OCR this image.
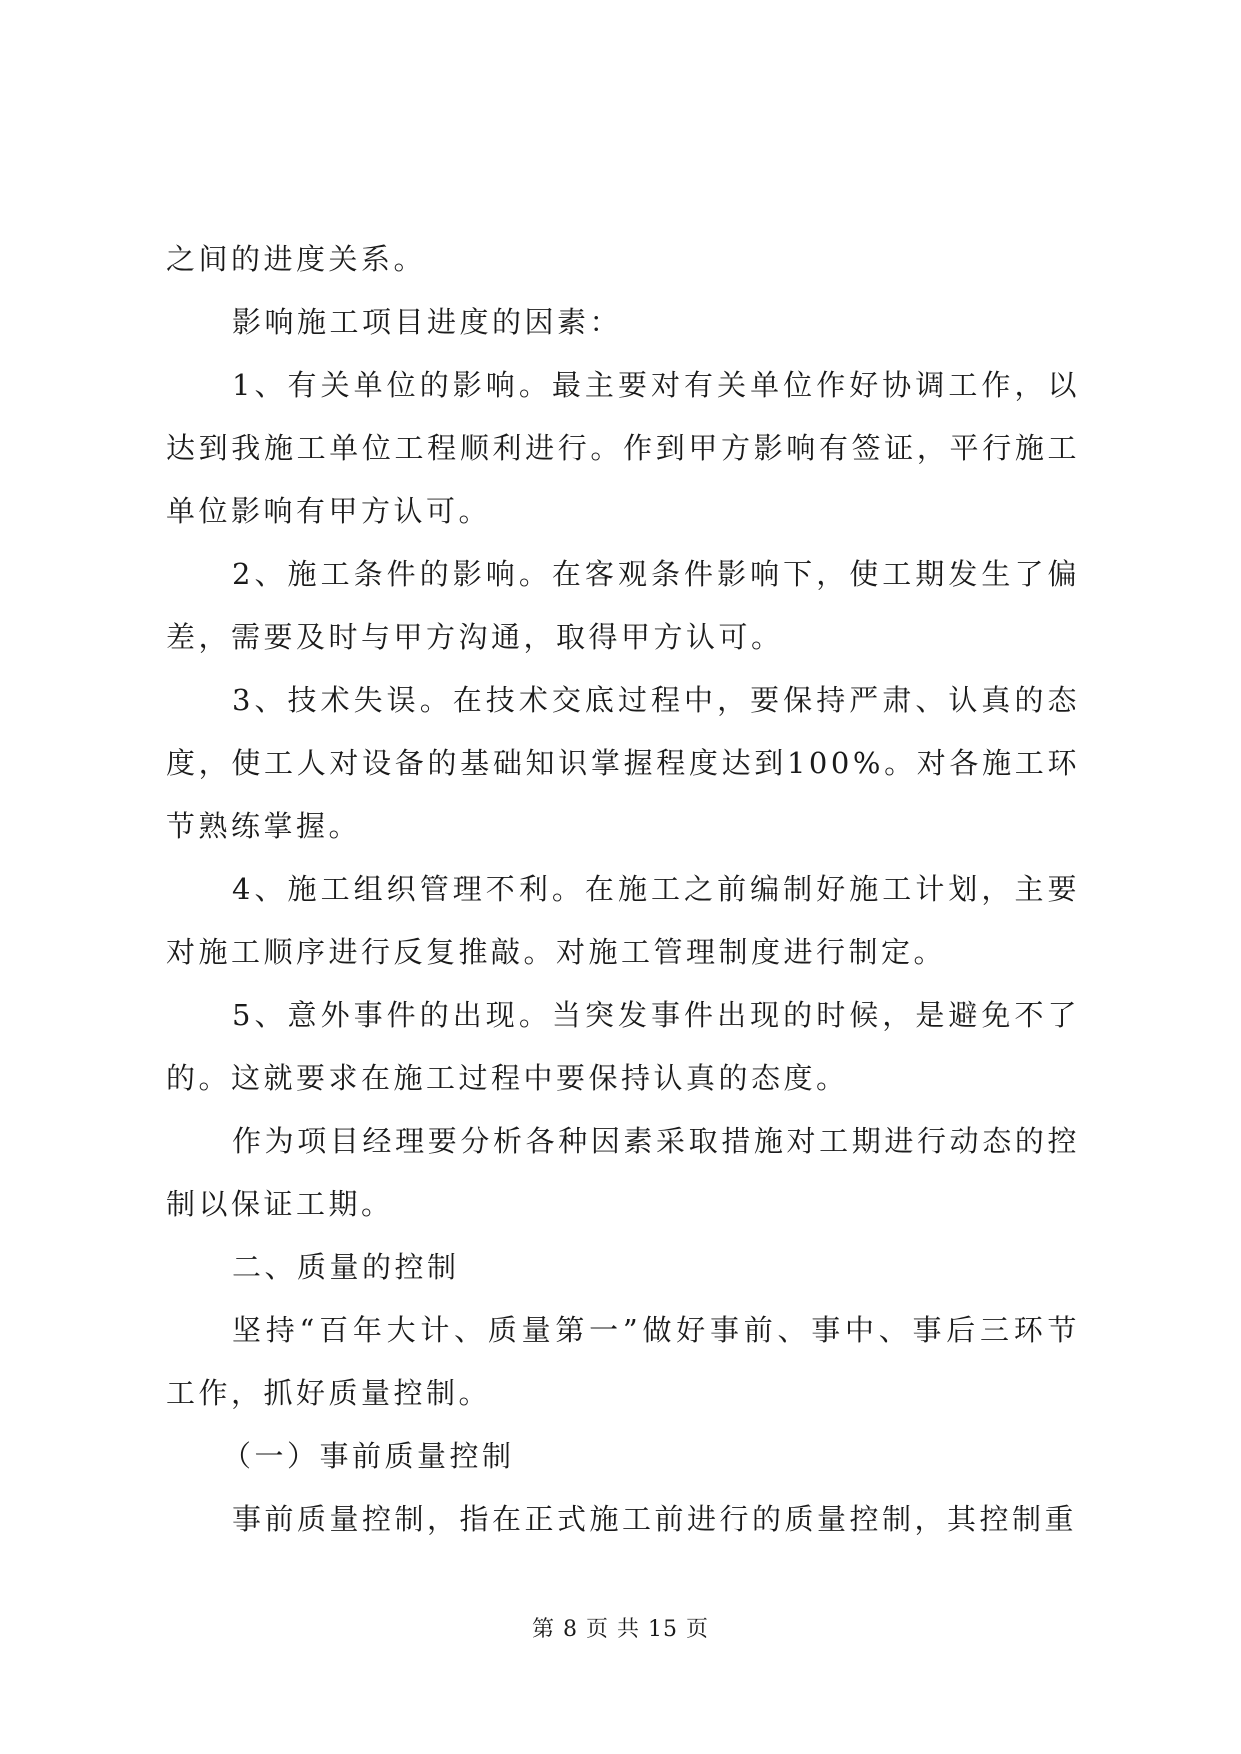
之间的进度关系。

影响施工项目进度的因素：

1、有关单位的影响。最主要对有关单位作好协调工作，以达到我施工单位工程顺利进行。作到甲方影响有签证，平行施工单位影响有甲方认可。

2、施工条件的影响。在客观条件影响下，使工期发生了偏差，需要及时与甲方沟通，取得甲方认可。

3、技术失误。在技术交底过程中，要保持严肃、认真的态度，使工人对设备的基础知识掌握程度达到100%。对各施工环节熟练掌握。

4、施工组织管理不利。在施工之前编制好施工计划，主要对施工顺序进行反复推敲。对施工管理制度进行制定。

5、意外事件的出现。当突发事件出现的时候，是避免不了的。这就要求在施工过程中要保持认真的态度。

作为项目经理要分析各种因素采取措施对工期进行动态的控制以保证工期。

二、质量的控制

坚持“百年大计、质量第一”做好事前、事中、事后三环节工作，抓好质量控制。

（一）事前质量控制

事前质量控制，指在正式施工前进行的质量控制，其控制重

第 8 页 共 15 页
